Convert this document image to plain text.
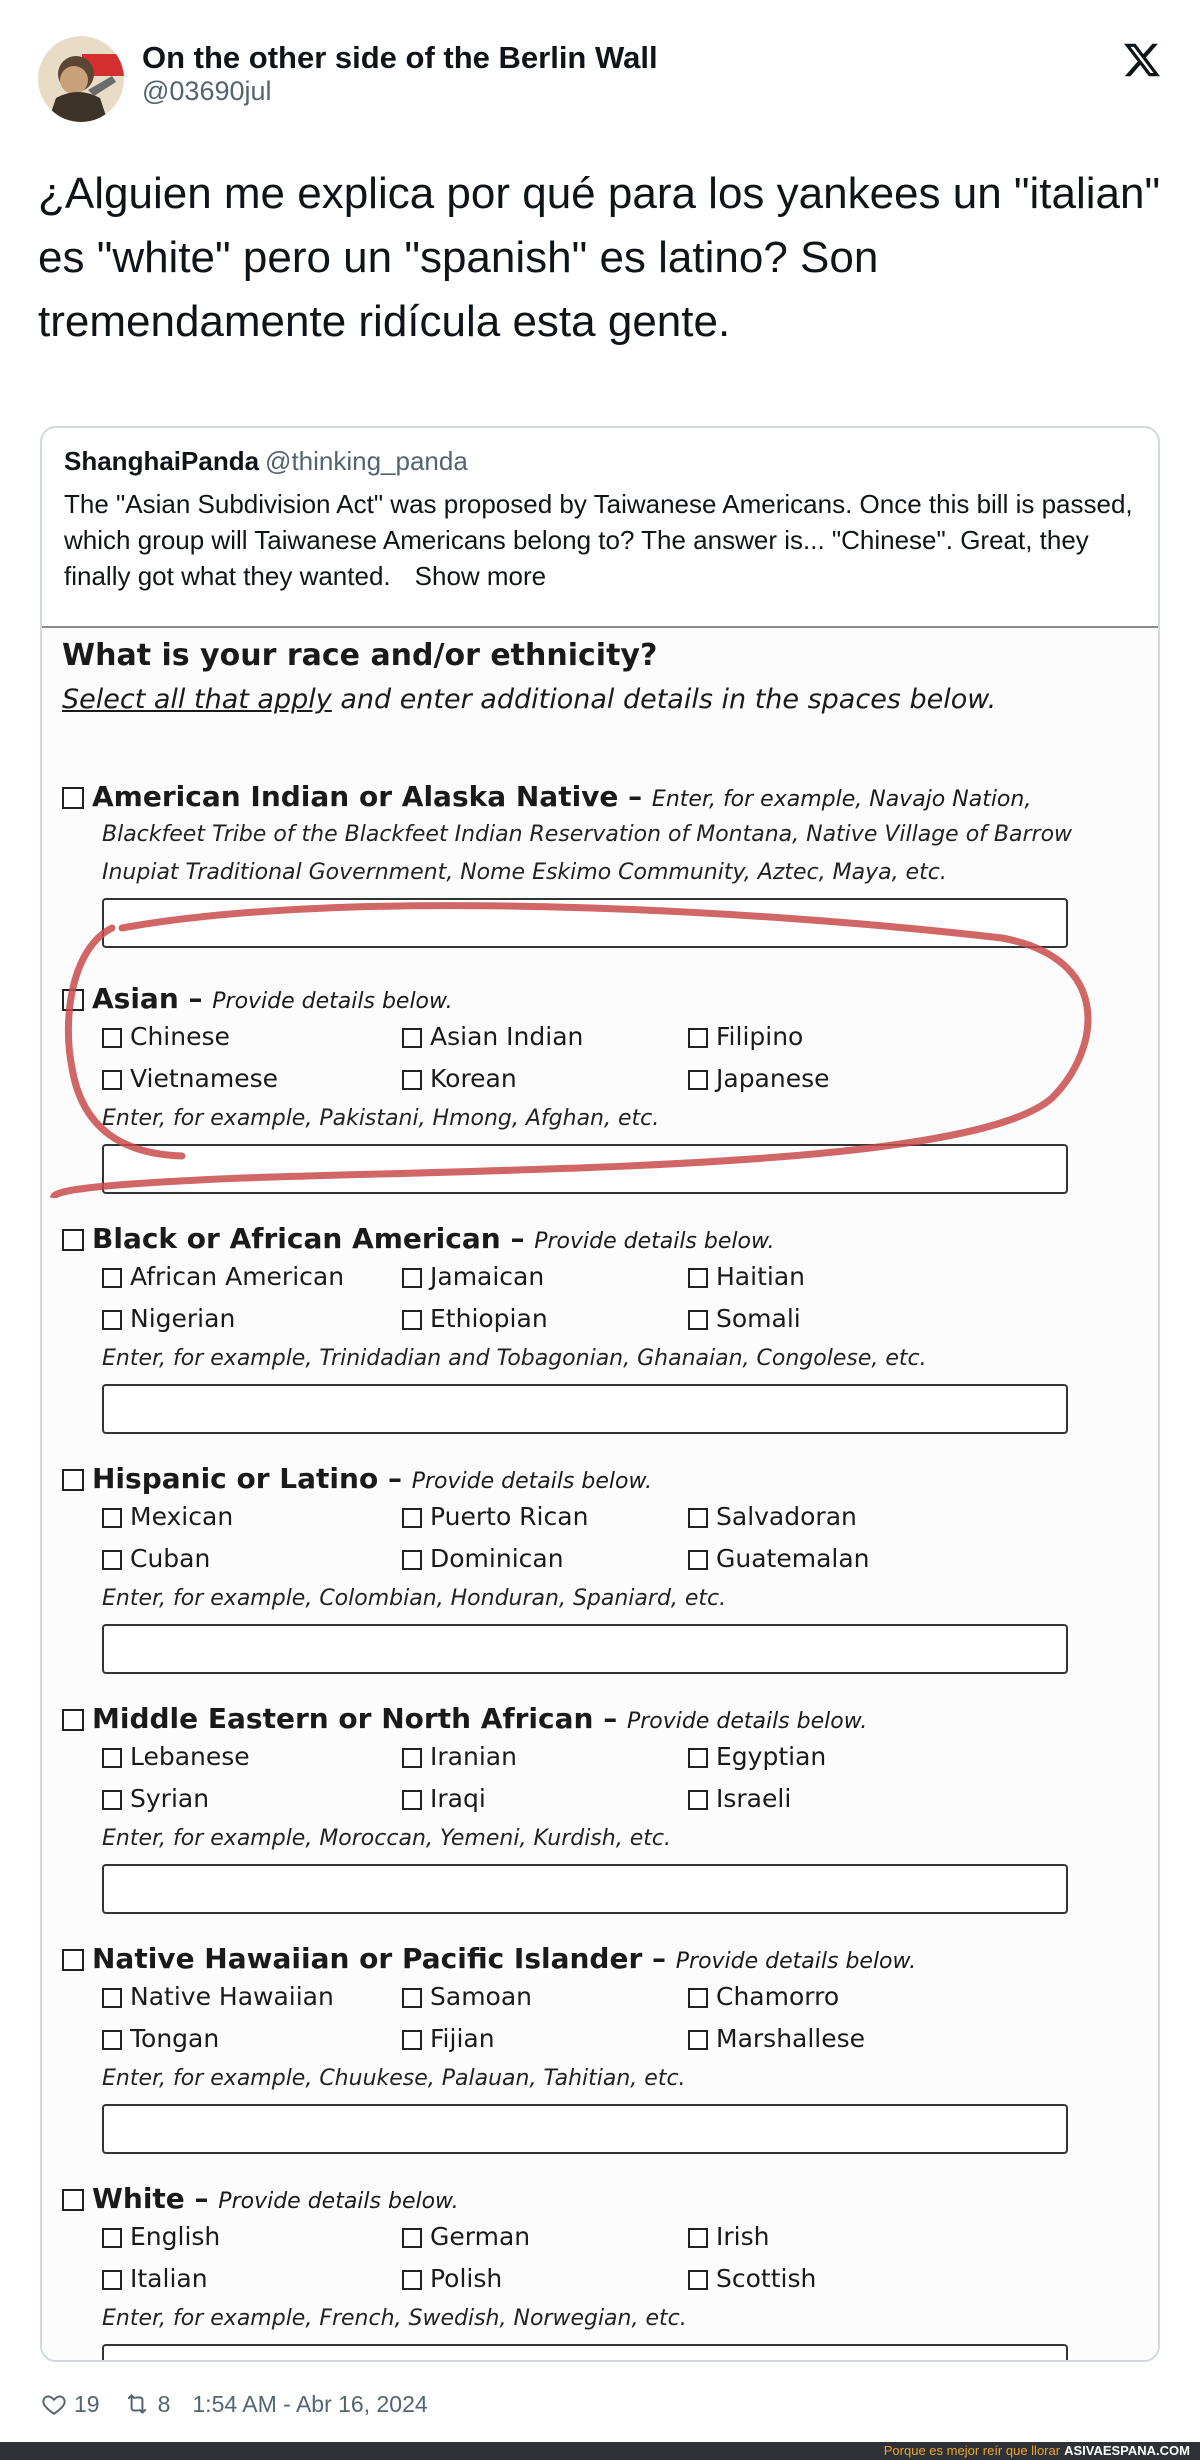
On the other side of the Berlin Wall
@03690jul
¿Alguien me explica por qué para los yankees un "italian" es "white" pero un "spanish" es latino? Son tremendamente ridícula esta gente.
ShanghaiPanda @thinking_panda
The "Asian Subdivision Act" was proposed by Taiwanese Americans. Once this bill is passed, which group will Taiwanese Americans belong to? The answer is... "Chinese". Great, they finally got what they wanted. Show more
What is your race and/or ethnicity?
Select all that apply and enter additional details in the spaces below.
American Indian or Alaska Native – Enter, for example, Navajo Nation,
Blackfeet Tribe of the Blackfeet Indian Reservation of Montana, Native Village of Barrow Inupiat Traditional Government, Nome Eskimo Community, Aztec, Maya, etc.
Asian – Provide details below.
Chinese	Asian Indian	Filipino
Vietnamese	Korean	Japanese
Enter, for example, Pakistani, Hmong, Afghan, etc.
Black or African American – Provide details below.
African American	Jamaican	Haitian
Nigerian	Ethiopian	Somali
Enter, for example, Trinidadian and Tobagonian, Ghanaian, Congolese, etc.
Hispanic or Latino – Provide details below.
Mexican	Puerto Rican	Salvadoran
Cuban	Dominican	Guatemalan
Enter, for example, Colombian, Honduran, Spaniard, etc.
Middle Eastern or North African – Provide details below.
Lebanese	Iranian	Egyptian
Syrian	Iraqi	Israeli
Enter, for example, Moroccan, Yemeni, Kurdish, etc.
Native Hawaiian or Pacific Islander – Provide details below.
Native Hawaiian	Samoan	Chamorro
Tongan	Fijian	Marshallese
Enter, for example, Chuukese, Palauan, Tahitian, etc.
White – Provide details below.
English	German	Irish
Italian	Polish	Scottish
Enter, for example, French, Swedish, Norwegian, etc.
19	8 1:54 AM - Abr 16, 2024
Porque es mejor reír que llorar ASIVAESPANA.COM
